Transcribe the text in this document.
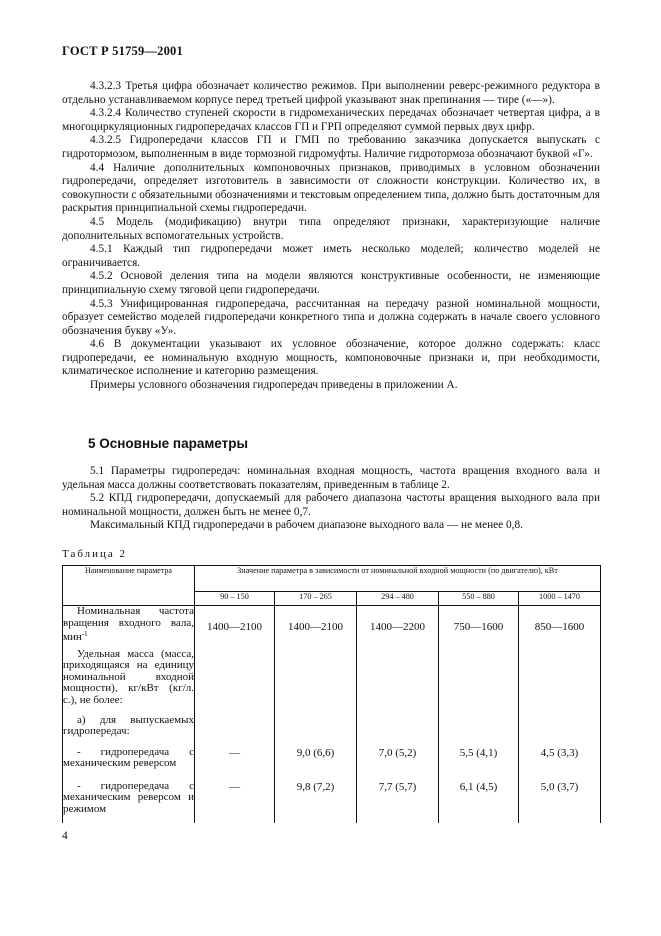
ГОСТ Р 51759—2001

4.3.2.3 Третья цифра обозначает количество режимов. При выполнении реверс-режимного редуктора в отдельно устанавливаемом корпусе перед третьей цифрой указывают знак препинания — тире («—»).

4.3.2.4 Количество ступеней скорости в гидромеханических передачах обозначает четвертая цифра, а в многоциркуляционных гидропередачах классов ГП и ГРП определяют суммой первых двух цифр.

4.3.2.5 Гидропередачи классов ГП и ГМП по требованию заказчика допускается выпускать с гидротормозом, выполненным в виде тормозной гидромуфты. Наличие гидротормоза обозначают буквой «Г».

4.4 Наличие дополнительных компоновочных признаков, приводимых в условном обозначении гидропередачи, определяет изготовитель в зависимости от сложности конструкции. Количество их, в совокупности с обязательными обозначениями и текстовым определением типа, должно быть достаточным для раскрытия принципиальной схемы гидропередачи.

4.5 Модель (модификацию) внутри типа определяют признаки, характеризующие наличие дополнительных вспомогательных устройств.

4.5.1 Каждый тип гидропередачи может иметь несколько моделей; количество моделей не ограничивается.

4.5.2 Основой деления типа на модели являются конструктивные особенности, не изменяющие принципиальную схему тяговой цепи гидропередачи.

4.5.3 Унифицированная гидропередача, рассчитанная на передачу разной номинальной мощности, образует семейство моделей гидропередачи конкретного типа и должна содержать в начале своего условного обозначения букву «У».

4.6 В документации указывают их условное обозначение, которое должно содержать: класс гидропередачи, ее номинальную входную мощность, компоновочные признаки и, при необходимости, климатическое исполнение и категорию размещения.

Примеры условного обозначения гидропередач приведены в приложении А.

5 Основные параметры

5.1 Параметры гидропередач: номинальная входная мощность, частота вращения входного вала и удельная масса должны соответствовать показателям, приведенным в таблице 2.

5.2 КПД гидропередачи, допускаемый для рабочего диапазона частоты вращения выходного вала при номинальной мощности, должен быть не менее 0,7.

Максимальный КПД гидропередачи в рабочем диапазоне выходного вала — не менее 0,8.

Таблица 2
Наименование параметра	Значение параметра в зависимости от номинальной входной мощности (по двигателю), кВт				
	90 – 150	170 – 265	294 – 480	550 – 880	1000 – 1470

Номинальная частота вращения входного вала, мин$^{-1}$	1400—2100	1400—2100	1400—2200	750—1600	850—1600

Удельная масса (масса, приходящаяся на единицу номинальной входной мощности), кг/кВт (кг/л. с.), не более:					

а) для выпускаемых гидропередач:					

- гидропередача с механическим реверсом	—	9,0 (6,6)	7,0 (5,2)	5,5 (4,1)	4,5 (3,3)

- гидропередача с механическим реверсом и режимом	—	9,8 (7,2)	7,7 (5,7)	6,1 (4,5)	5,0 (3,7)
4
